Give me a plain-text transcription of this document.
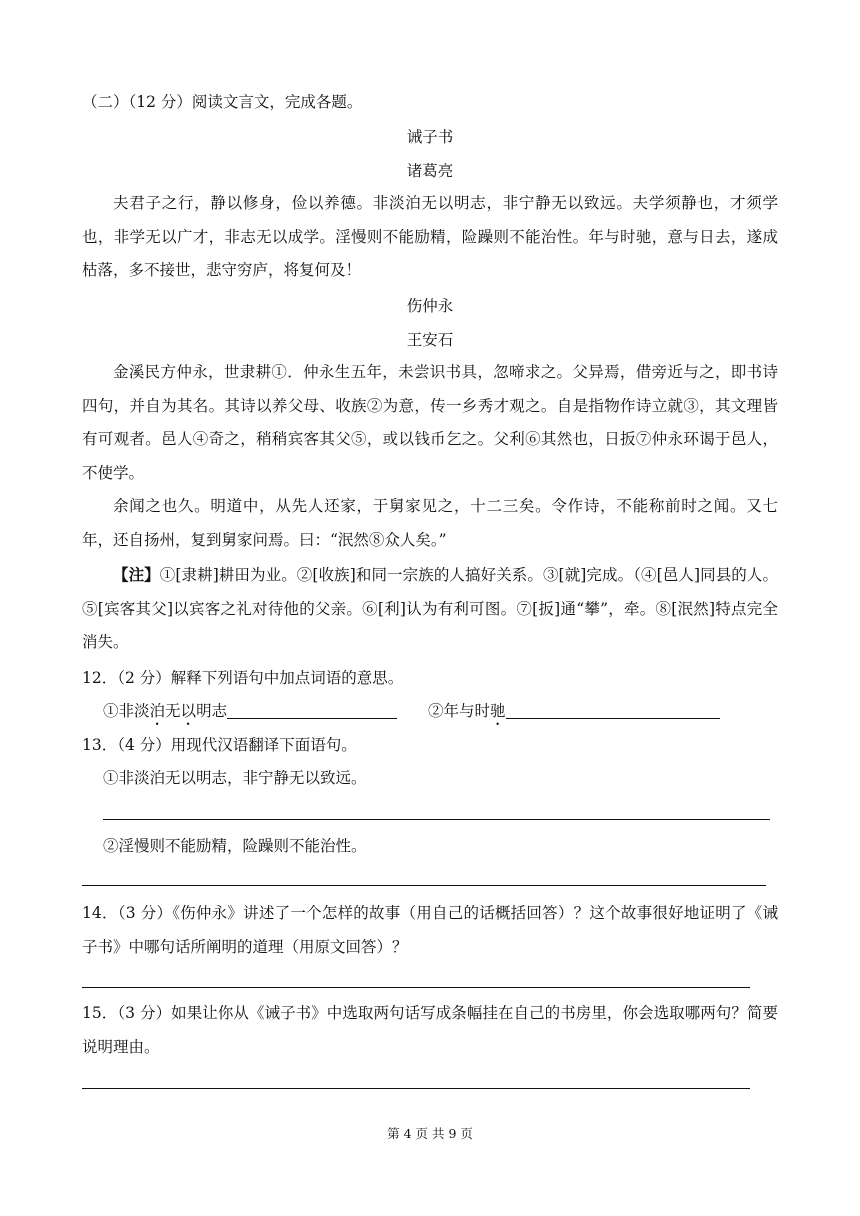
（二）（12 分）阅读文言文，完成各题。
诫子书
诸葛亮
夫君子之行，静以修身，俭以养德。非淡泊无以明志，非宁静无以致远。夫学须静也，才须学也，非学无以广才，非志无以成学。淫慢则不能励精，险躁则不能治性。年与时驰，意与日去，遂成枯落，多不接世，悲守穷庐，将复何及！
伤仲永
王安石
金溪民方仲永，世隶耕①．仲永生五年，未尝识书具，忽啼求之。父异焉，借旁近与之，即书诗四句，并自为其名。其诗以养父母、收族②为意，传一乡秀才观之。自是指物作诗立就③，其文理皆有可观者。邑人④奇之，稍稍宾客其父⑤，或以钱币乞之。父利⑥其然也，日扳⑦仲永环谒于邑人，不使学。
余闻之也久。明道中，从先人还家，于舅家见之，十二三矣。令作诗，不能称前时之闻。又七年，还自扬州，复到舅家问焉。曰：“泯然⑧众人矣。”
【注】①[隶耕]耕田为业。②[收族]和同一宗族的人搞好关系。③[就]完成。（④[邑人]同县的人。⑤[宾客其父]以宾客之礼对待他的父亲。⑥[利]认为有利可图。⑦[扳]通“攀”，牵。⑧[泯然]特点完全消失。
12．（2 分）解释下列语句中加点词语的意思。
①非淡泊无以明志	②年与时驰
13．（4 分）用现代汉语翻译下面语句。
①非淡泊无以明志，非宁静无以致远。
②淫慢则不能励精，险躁则不能治性。
14．（3 分）《伤仲永》讲述了一个怎样的故事（用自己的话概括回答）？这个故事很好地证明了《诫子书》中哪句话所阐明的道理（用原文回答）？
15．（3 分）如果让你从《诫子书》中选取两句话写成条幅挂在自己的书房里，你会选取哪两句？简要说明理由。
第 4 页 共 9 页
